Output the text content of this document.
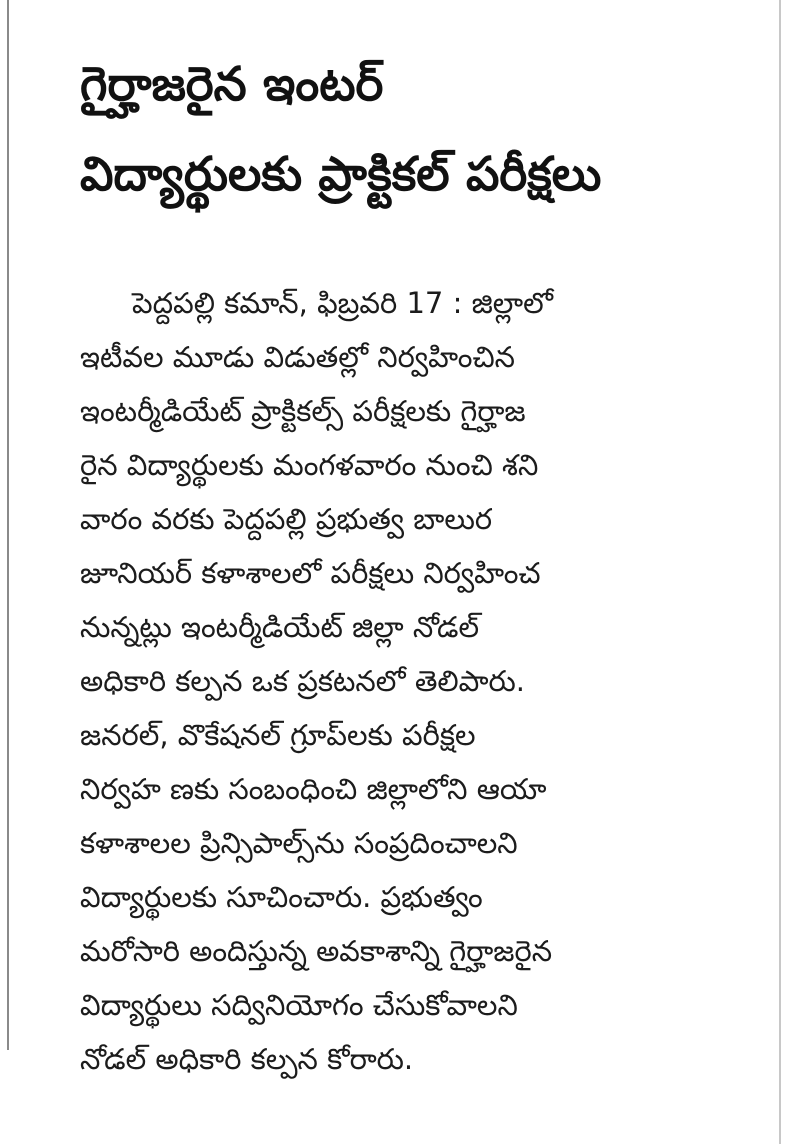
గైర్హాజరైన ఇంటర్
విద్యార్థులకు ప్రాక్టికల్ పరీక్షలు
పెద్దపల్లి కమాన్, ఫిబ్రవరి 17 : జిల్లాలో
ఇటీవల మూడు విడుతల్లో నిర్వహించిన
ఇంటర్మీడియేట్ ప్రాక్టికల్స్ పరీక్షలకు గైర్హాజ
రైన విద్యార్థులకు మంగళవారం నుంచి శని
వారం వరకు పెద్దపల్లి ప్రభుత్వ బాలుర
జూనియర్ కళాశాలలో పరీక్షలు నిర్వహించ
నున్నట్లు ఇంటర్మీడియేట్ జిల్లా నోడల్
అధికారి కల్పన ఒక ప్రకటనలో తెలిపారు.
జనరల్, వొకేషనల్ గ్రూప్‌లకు పరీక్షల
నిర్వహ ణకు సంబంధించి జిల్లాలోని ఆయా
కళాశాలల ప్రిన్సిపాల్స్‌ను సంప్రదించాలని
విద్యార్థులకు సూచించారు. ప్రభుత్వం
మరోసారి అందిస్తున్న అవకాశాన్ని గైర్హాజరైన
విద్యార్థులు సద్వినియోగం చేసుకోవాలని
నోడల్ అధికారి కల్పన కోరారు.
